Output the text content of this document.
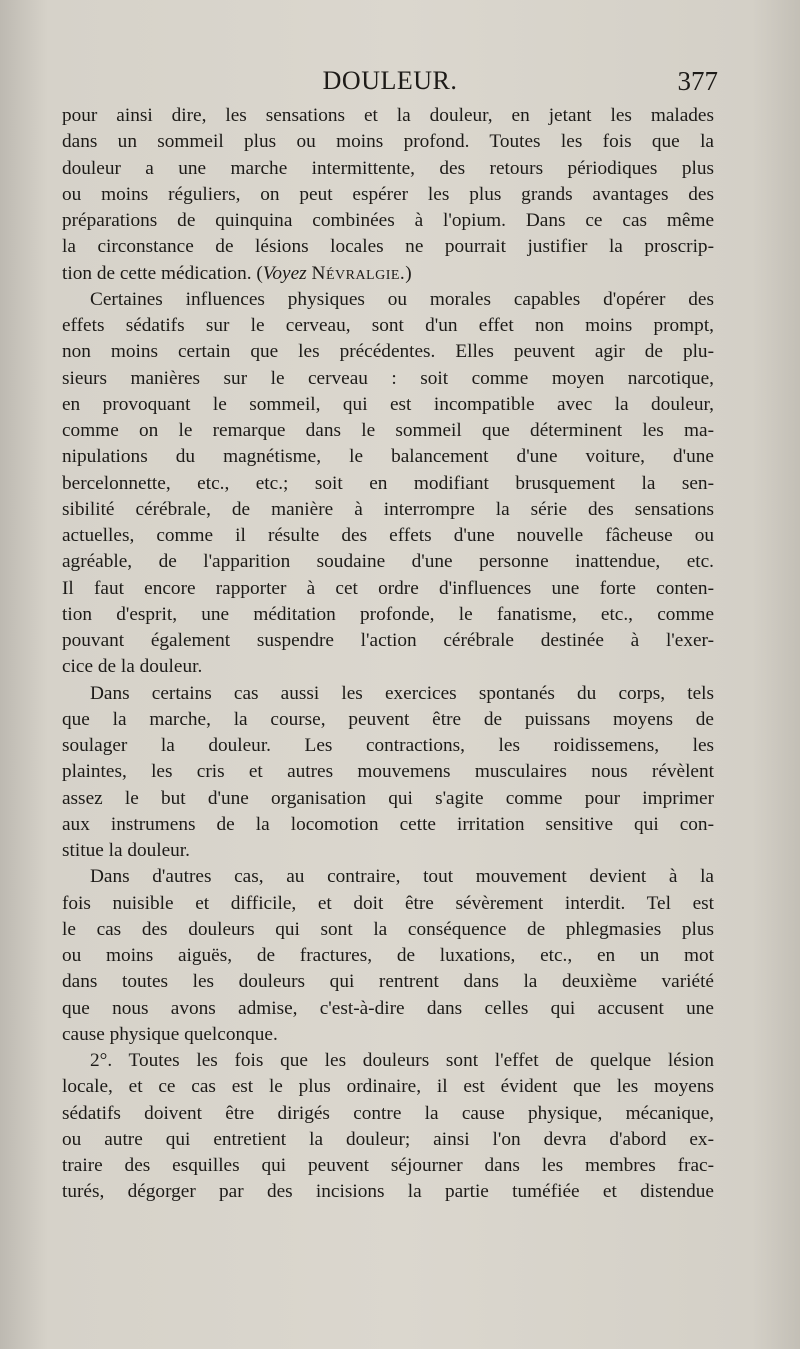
DOULEUR.	377
pour ainsi dire, les sensations et la douleur, en jetant les malades
dans un sommeil plus ou moins profond. Toutes les fois que la
douleur a une marche intermittente, des retours périodiques plus
ou moins réguliers, on peut espérer les plus grands avantages des
préparations de quinquina combinées à l'opium. Dans ce cas même
la circonstance de lésions locales ne pourrait justifier la proscrip-
tion de cette médication. (Voyez Névralgie.)
Certaines influences physiques ou morales capables d'opérer des
effets sédatifs sur le cerveau, sont d'un effet non moins prompt,
non moins certain que les précédentes. Elles peuvent agir de plu-
sieurs manières sur le cerveau : soit comme moyen narcotique,
en provoquant le sommeil, qui est incompatible avec la douleur,
comme on le remarque dans le sommeil que déterminent les ma-
nipulations du magnétisme, le balancement d'une voiture, d'une
bercelonnette, etc., etc.; soit en modifiant brusquement la sen-
sibilité cérébrale, de manière à interrompre la série des sensations
actuelles, comme il résulte des effets d'une nouvelle fâcheuse ou
agréable, de l'apparition soudaine d'une personne inattendue, etc.
Il faut encore rapporter à cet ordre d'influences une forte conten-
tion d'esprit, une méditation profonde, le fanatisme, etc., comme
pouvant également suspendre l'action cérébrale destinée à l'exer-
cice de la douleur.
Dans certains cas aussi les exercices spontanés du corps, tels
que la marche, la course, peuvent être de puissans moyens de
soulager la douleur. Les contractions, les roidissemens, les
plaintes, les cris et autres mouvemens musculaires nous révèlent
assez le but d'une organisation qui s'agite comme pour imprimer
aux instrumens de la locomotion cette irritation sensitive qui con-
stitue la douleur.
Dans d'autres cas, au contraire, tout mouvement devient à la
fois nuisible et difficile, et doit être sévèrement interdit. Tel est
le cas des douleurs qui sont la conséquence de phlegmasies plus
ou moins aiguës, de fractures, de luxations, etc., en un mot
dans toutes les douleurs qui rentrent dans la deuxième variété
que nous avons admise, c'est-à-dire dans celles qui accusent une
cause physique quelconque.
2°. Toutes les fois que les douleurs sont l'effet de quelque lésion
locale, et ce cas est le plus ordinaire, il est évident que les moyens
sédatifs doivent être dirigés contre la cause physique, mécanique,
ou autre qui entretient la douleur; ainsi l'on devra d'abord ex-
traire des esquilles qui peuvent séjourner dans les membres frac-
turés, dégorger par des incisions la partie tuméfiée et distendue
